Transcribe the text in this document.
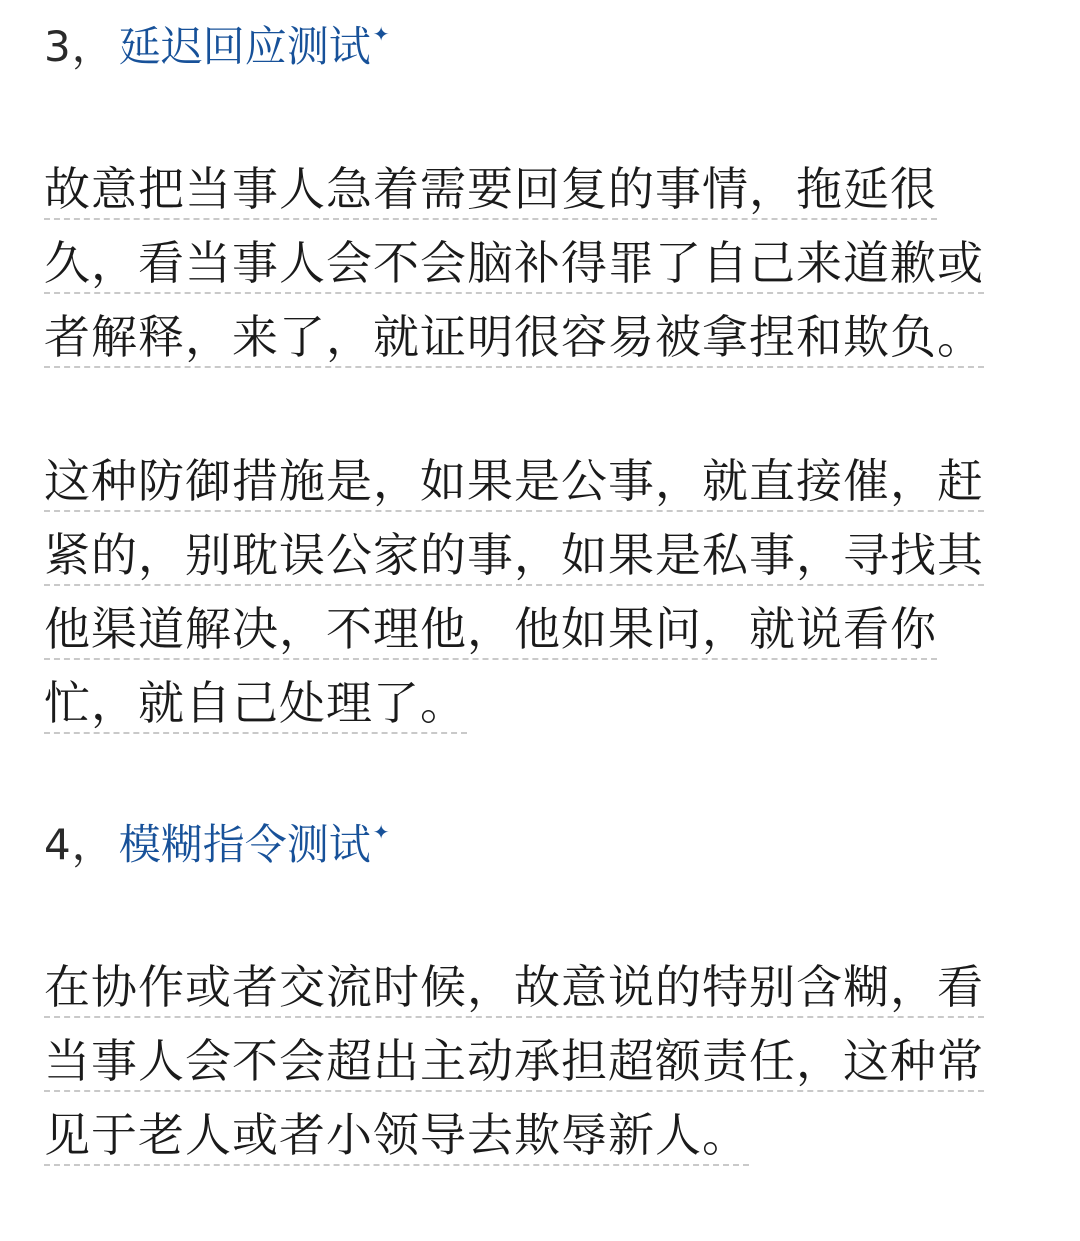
3，延迟回应测试 ✦
故意把当事人急着需要回复的事情，拖延很
久，看当事人会不会脑补得罪了自己来道歉或
者解释，来了，就证明很容易被拿捏和欺负。
这种防御措施是，如果是公事，就直接催，赶
紧的，别耽误公家的事，如果是私事，寻找其
他渠道解决，不理他，他如果问，就说看你
忙，就自己处理了。
4，模糊指令测试 ✦
在协作或者交流时候，故意说的特别含糊，看
当事人会不会超出主动承担超额责任，这种常
见于老人或者小领导去欺辱新人。
